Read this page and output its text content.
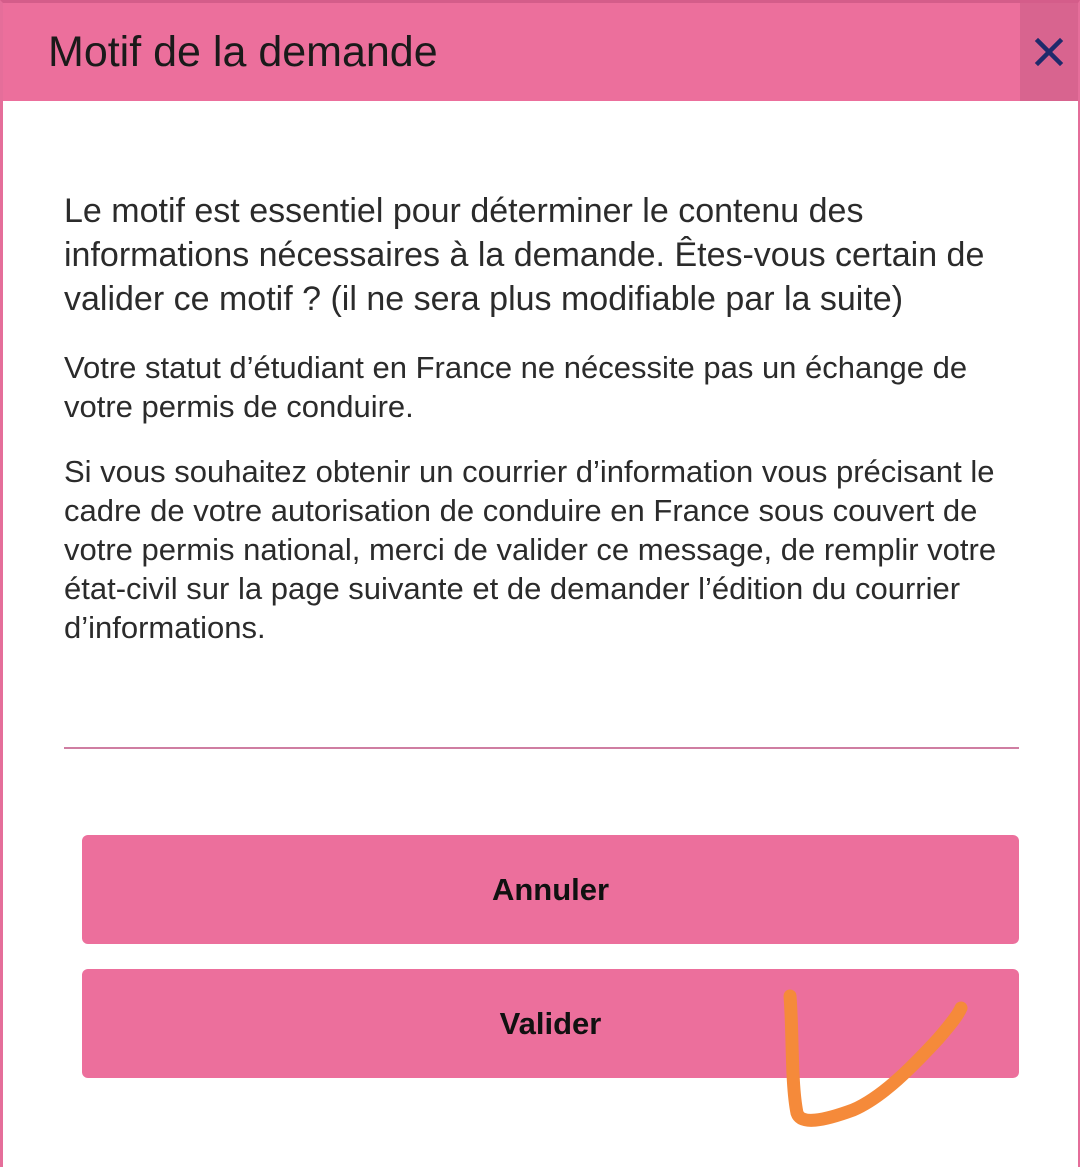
Motif de la demande

Le motif est essentiel pour déterminer le contenu des informations nécessaires à la demande. Êtes-vous certain de valider ce motif ? (il ne sera plus modifiable par la suite)

Votre statut d’étudiant en France ne nécessite pas un échange de votre permis de conduire.

Si vous souhaitez obtenir un courrier d’information vous précisant le cadre de votre autorisation de conduire en France sous couvert de votre permis national, merci de valider ce message, de remplir votre état-civil sur la page suivante et de demander l’édition du courrier d’informations.

Annuler
Valider
